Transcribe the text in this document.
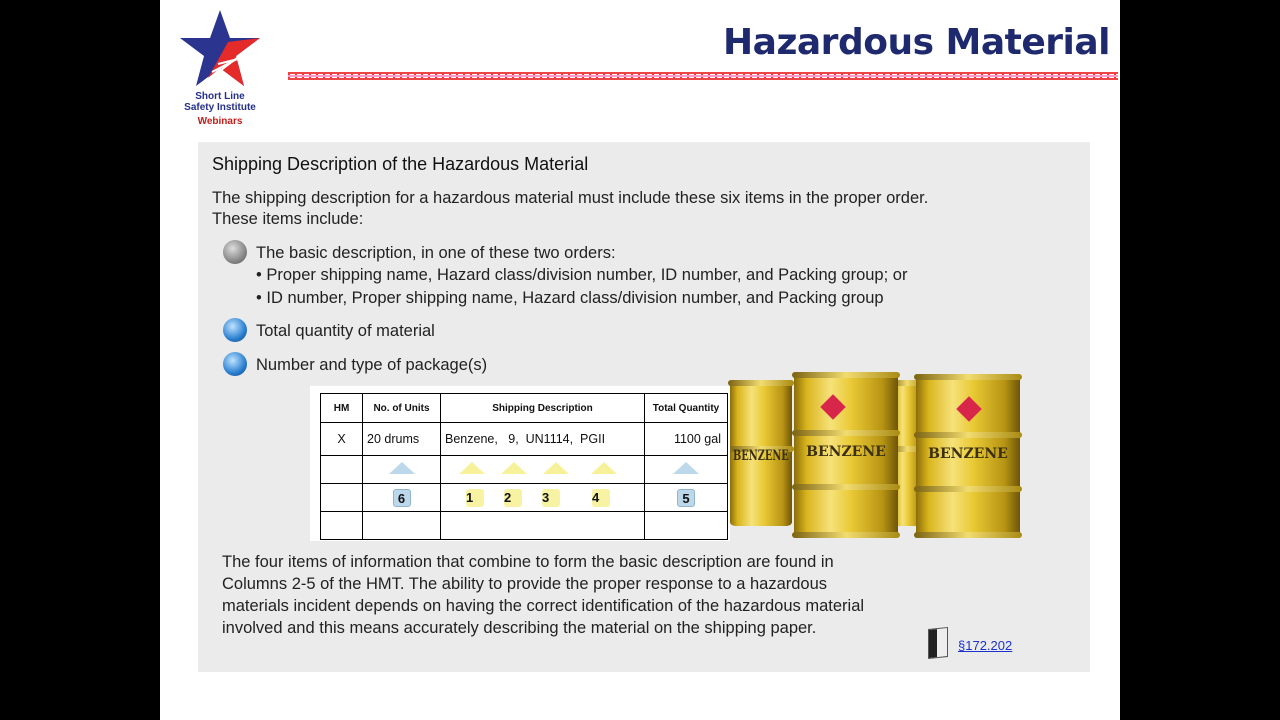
Short Line
Safety Institute
Webinars
Hazardous Material
Shipping Description of the Hazardous Material
The shipping description for a hazardous material must include these six items in the proper order.
These items include:
The basic description, in one of these two orders:
• Proper shipping name, Hazard class/division number, ID number, and Packing group; or
• ID number, Proper shipping name, Hazard class/division number, and Packing group
Total quantity of material
Number and type of package(s)
BENZENE	BENZENE	BENZENE
HM	No. of Units	Shipping Description	Total Quantity
X	20 drums	Benzene,   9,  UN1114,  PGII	1100 gal

	6	1 2 3 4	5

The four items of information that combine to form the basic description are found in
Columns 2-5 of the HMT. The ability to provide the proper response to a hazardous
materials incident depends on having the correct identification of the hazardous material
involved and this means accurately describing the material on the shipping paper.
§172.202
